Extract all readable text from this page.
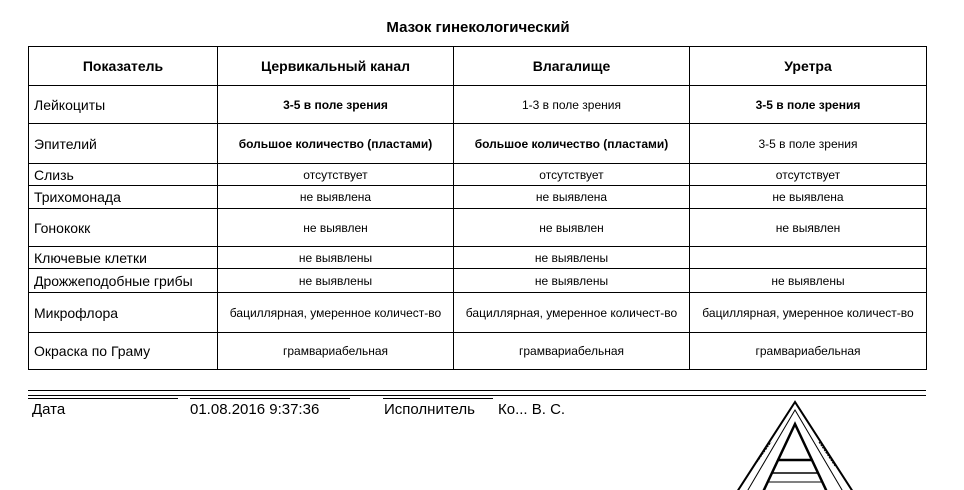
Мазок гинекологический
Показатель	Цервикальный канал	Влагалище	Уретра
Лейкоциты	3-5 в поле зрения	1-3 в поле зрения	3-5 в поле зрения
Эпителий	большое количество (пластами)	большое количество (пластами)	3-5 в поле зрения
Слизь	отсутствует	отсутствует	отсутствует
Трихомонада	не выявлена	не выявлена	не выявлена
Гонококк	не выявлен	не выявлен	не выявлен
Ключевые клетки	не выявлены	не выявлены	
Дрожжеподобные грибы	не выявлены	не выявлены	не выявлены
Микрофлора	бациллярная, умеренное количест-во	бациллярная, умеренное количест-во	бациллярная, умеренное количест-во
Окраска по Граму	грамвариабельная	грамвариабельная	грамвариабельная
Дата	01.08.2016 9:37:36	Исполнитель Ко... В. С.
